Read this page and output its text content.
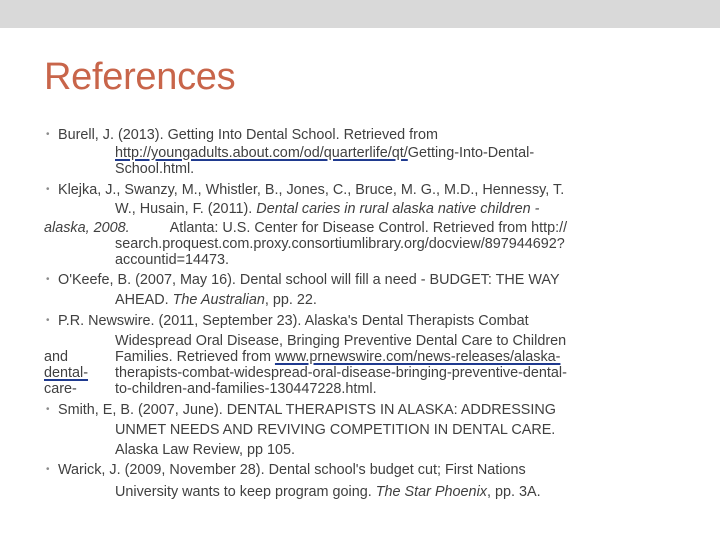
References
• Burell, J. (2013). Getting Into Dental School. Retrieved from
http://youngadults.about.com/od/quarterlife/qt/Getting-Into-Dental-
School.html.
• Klejka, J., Swanzy, M., Whistler, B., Jones, C., Bruce, M. G., M.D., Hennessy, T.
W., Husain, F. (2011). Dental caries in rural alaska native children -
alaska, 2008.	Atlanta: U.S. Center for Disease Control. Retrieved from http://
search.proquest.com.proxy.consortiumlibrary.org/docview/897944692?
accountid=14473.
• O'Keefe, B. (2007, May 16). Dental school will fill a need - BUDGET: THE WAY
AHEAD. The Australian, pp. 22.
• P.R. Newswire. (2011, September 23). Alaska's Dental Therapists Combat
Widespread Oral Disease, Bringing Preventive Dental Care to Children
and	Families. Retrieved from www.prnewswire.com/news-releases/alaska-
dental- therapists-combat-widespread-oral-disease-bringing-preventive-dental-
care-	to-children-and-families-130447228.html.
• Smith, E, B. (2007, June). DENTAL THERAPISTS IN ALASKA: ADDRESSING
UNMET NEEDS AND REVIVING COMPETITION IN DENTAL CARE.
Alaska Law Review, pp 105.
• Warick, J. (2009, November 28). Dental school's budget cut; First Nations
University wants to keep program going. The Star Phoenix, pp. 3A.
